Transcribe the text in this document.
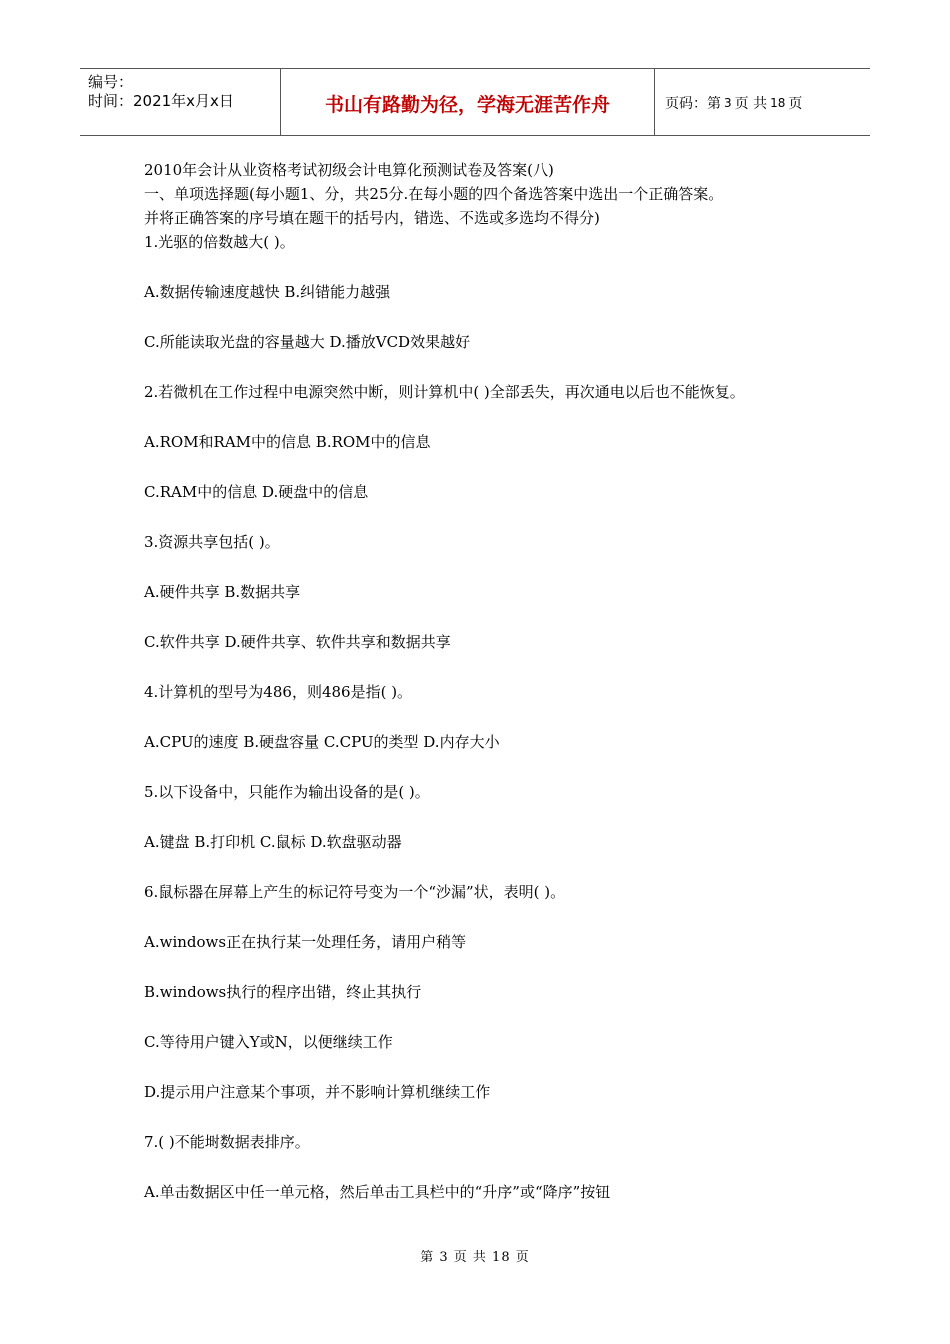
编号：
时间：2021年x月x日	书山有路勤为径，学海无涯苦作舟	页码：第 3 页 共 18 页

2010年会计从业资格考试初级会计电算化预测试卷及答案(八)

一、单项选择题(每小题1、分，共25分.在每小题的四个备选答案中选出一个正确答案。

并将正确答案的序号填在题干的括号内，错选、不选或多选均不得分)

1.光驱的倍数越大( )。

A.数据传输速度越快 B.纠错能力越强

C.所能读取光盘的容量越大 D.播放VCD效果越好

2.若微机在工作过程中电源突然中断，则计算机中( )全部丢失，再次通电以后也不能恢复。

A.ROM和RAM中的信息 B.ROM中的信息

C.RAM中的信息 D.硬盘中的信息

3.资源共享包括( )。

A.硬件共享 B.数据共享

C.软件共享 D.硬件共享、软件共享和数据共享

4.计算机的型号为486，则486是指( )。

A.CPU的速度 B.硬盘容量 C.CPU的类型 D.内存大小

5.以下设备中，只能作为输出设备的是( )。

A.键盘 B.打印机 C.鼠标 D.软盘驱动器

6.鼠标器在屏幕上产生的标记符号变为一个“沙漏”状，表明( )。

A.windows正在执行某一处理任务，请用户稍等

B.windows执行的程序出错，终止其执行

C.等待用户键入Y或N，以便继续工作

D.提示用户注意某个事项，并不影响计算机继续工作

7.( )不能埘数据表排序。

A.单击数据区中任一单元格，然后单击工具栏中的“升序”或“降序”按钮

第 3 页 共 18 页
